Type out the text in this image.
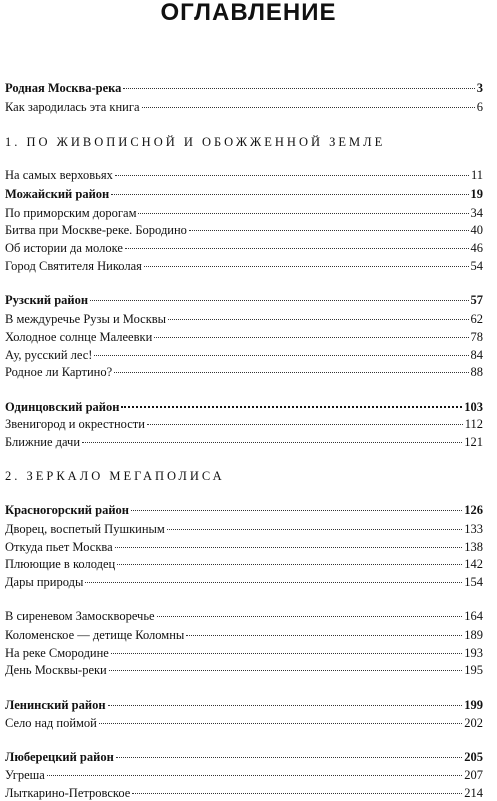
ОГЛАВЛЕНИЕ
Родная Москва-река	3
Как зародилась эта книга	6
1. ПО ЖИВОПИСНОЙ И ОБОЖЖЕННОЙ ЗЕМЛЕ
На самых верховьях	11
Можайский район	19
По приморским дорогам	34
Битва при Москве-реке. Бородино	40
Об истории да молоке	46
Город Святителя Николая	54
Рузский район	57
В междуречье Рузы и Москвы	62
Холодное солнце Малеевки	78
Ау, русский лес!	84
Родное ли Картино?	88
Одинцовский район	103
Звенигород и окрестности	112
Ближние дачи	121
2. ЗЕРКАЛО МЕГАПОЛИСА
Красногорский район	126
Дворец, воспетый Пушкиным	133
Откуда пьет Москва	138
Плюющие в колодец	142
Дары природы	154
В сиреневом Замоскворечье	164
Коломенское — детище Коломны	189
На реке Смородине	193
День Москвы-реки	195
Ленинский район	199
Село над поймой	202
Люберецкий район	205
Угреша	207
Лыткарино-Петровское	214
